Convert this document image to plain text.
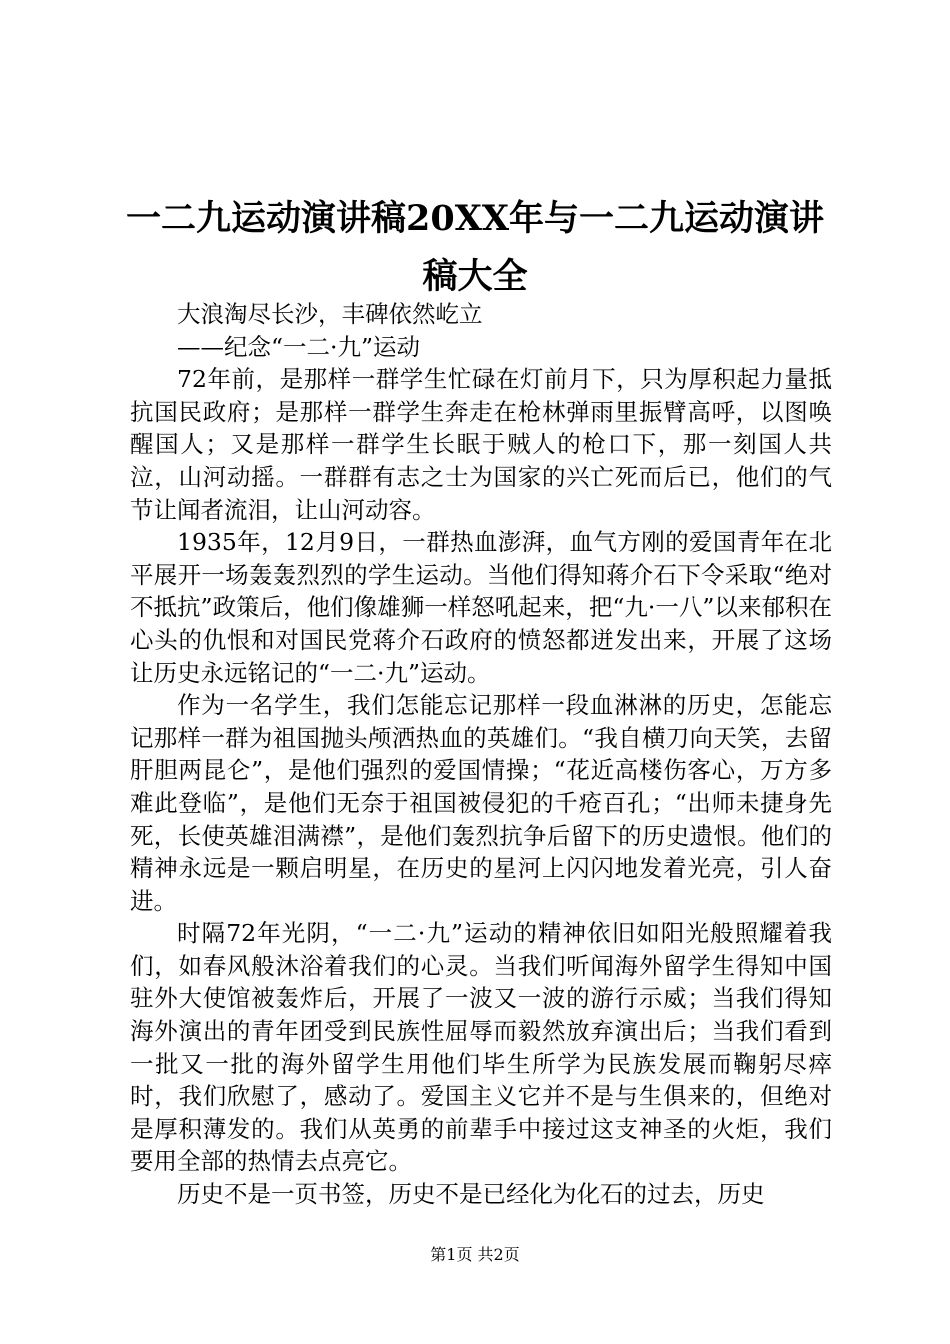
一二九运动演讲稿20XX年与一二九运动演讲稿大全

大浪淘尽长沙，丰碑依然屹立

——纪念“一二·九”运动

72年前，是那样一群学生忙碌在灯前月下，只为厚积起力量抵抗国民政府；是那样一群学生奔走在枪林弹雨里振臂高呼，以图唤醒国人；又是那样一群学生长眠于贼人的枪口下，那一刻国人共泣，山河动摇。一群群有志之士为国家的兴亡死而后已，他们的气节让闻者流泪，让山河动容。

1935年，12月9日，一群热血澎湃，血气方刚的爱国青年在北平展开一场轰轰烈烈的学生运动。当他们得知蒋介石下令采取“绝对不抵抗”政策后，他们像雄狮一样怒吼起来，把“九·一八”以来郁积在心头的仇恨和对国民党蒋介石政府的愤怒都迸发出来，开展了这场让历史永远铭记的“一二·九”运动。

作为一名学生，我们怎能忘记那样一段血淋淋的历史，怎能忘记那样一群为祖国抛头颅洒热血的英雄们。“我自横刀向天笑，去留肝胆两昆仑”，是他们强烈的爱国情操；“花近高楼伤客心，万方多难此登临”，是他们无奈于祖国被侵犯的千疮百孔；“出师未捷身先死，长使英雄泪满襟”，是他们轰烈抗争后留下的历史遗恨。他们的精神永远是一颗启明星，在历史的星河上闪闪地发着光亮，引人奋进。

时隔72年光阴，“一二·九”运动的精神依旧如阳光般照耀着我们，如春风般沐浴着我们的心灵。当我们听闻海外留学生得知中国驻外大使馆被轰炸后，开展了一波又一波的游行示威；当我们得知海外演出的青年团受到民族性屈辱而毅然放弃演出后；当我们看到一批又一批的海外留学生用他们毕生所学为民族发展而鞠躬尽瘁时，我们欣慰了，感动了。爱国主义它并不是与生俱来的，但绝对是厚积薄发的。我们从英勇的前辈手中接过这支神圣的火炬，我们要用全部的热情去点亮它。

历史不是一页书签，历史不是已经化为化石的过去，历史

第1页 共2页
